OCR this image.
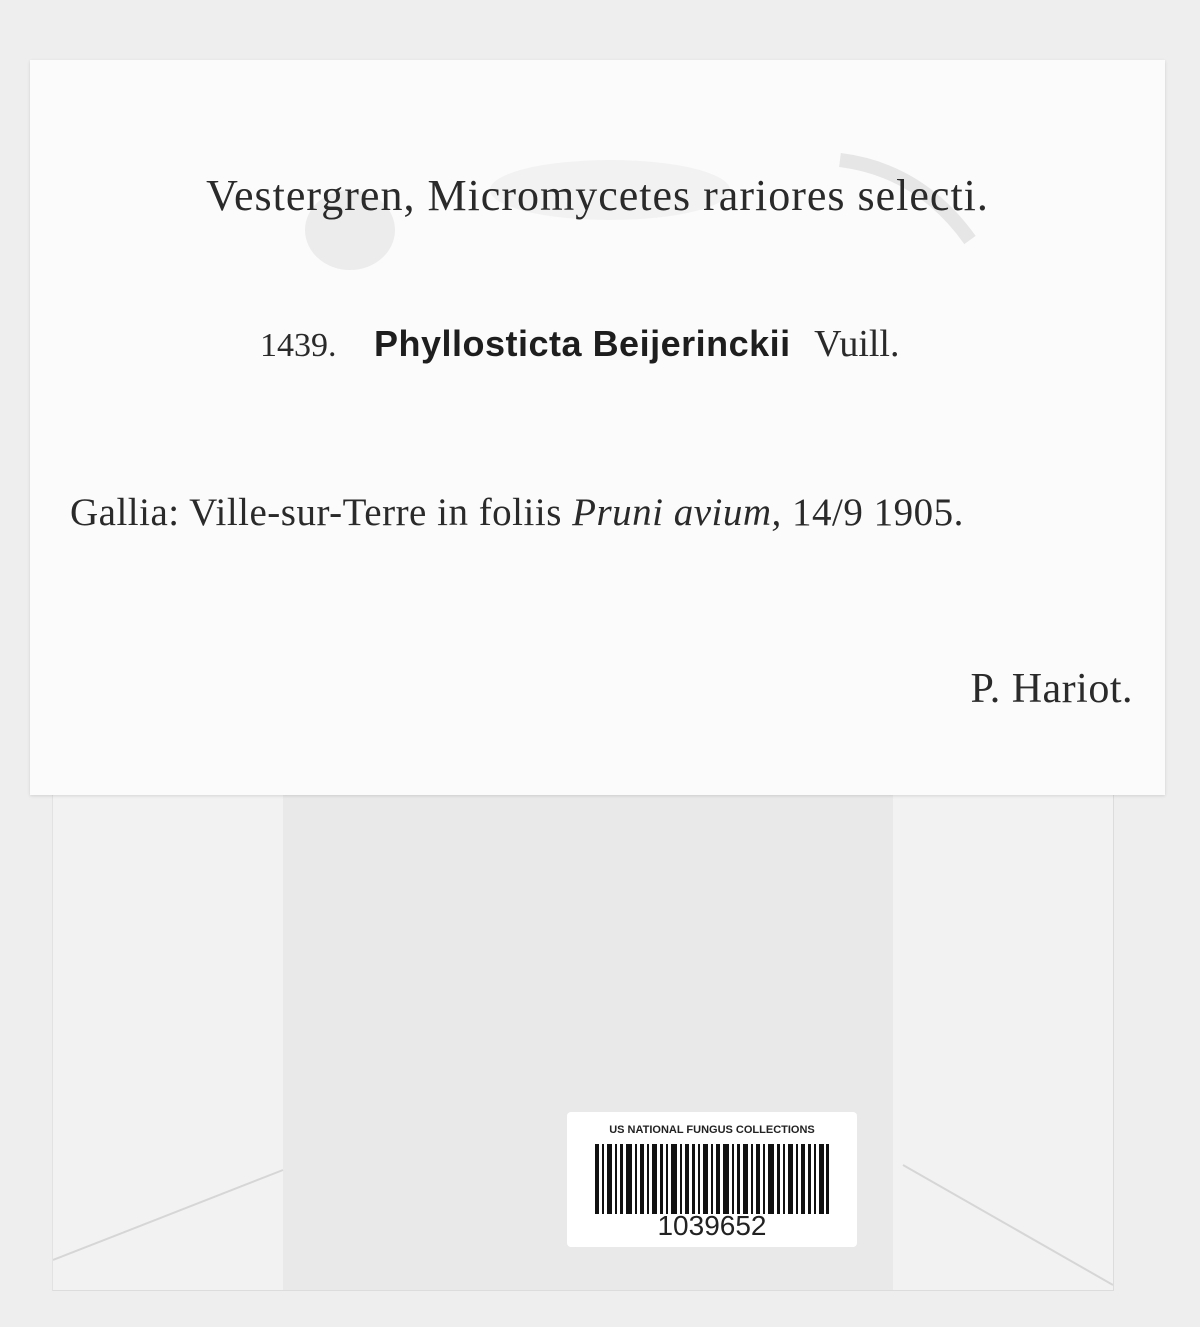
Vestergren, Micromycetes rariores selecti.
1439. Phyllosticta Beijerinckii Vuill.
Gallia: Ville-sur-Terre in foliis Pruni avium, 14/9 1905.
P. Hariot.
US NATIONAL FUNGUS COLLECTIONS
1039652
